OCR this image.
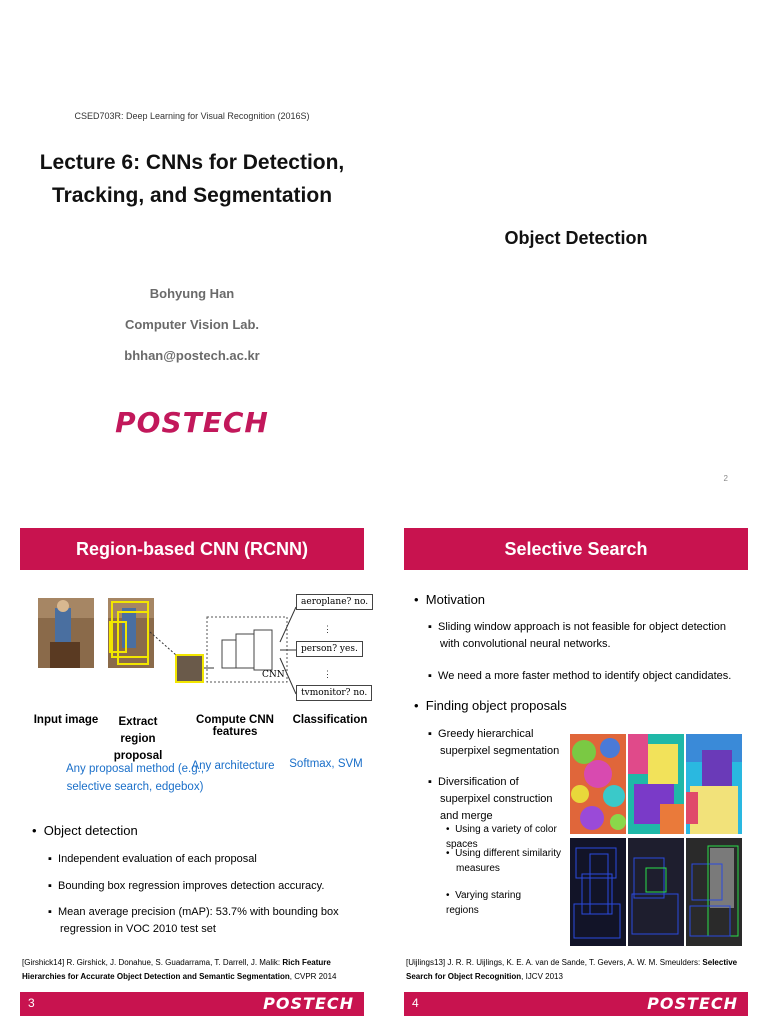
CSED703R: Deep Learning for Visual Recognition (2016S)
Lecture 6: CNNs for Detection,
Tracking, and Segmentation
Bohyung Han
Computer Vision Lab.
bhhan@postech.ac.kr
POSTECH
Object Detection
2
Region-based CNN (RCNN)
⋮
⋮
aeroplane? no.
person? yes.
tvmonitor? no.
CNN
Input image	Extract region proposal
Compute CNN features
Classification
Any proposal method (e.g., selective search, edgebox)
Any architecture	Softmax, SVM
•  Object detection
▪  Independent evaluation of each proposal
▪  Bounding box regression improves detection accuracy.
▪  Mean average precision (mAP): 53.7% with bounding box regression in VOC 2010 test set
[Girshick14] R. Girshick, J. Donahue, S. Guadarrama, T. Darrell, J. Malik: Rich Feature Hierarchies for Accurate Object Detection and Semantic Segmentation, CVPR 2014
3	POSTECH
Selective Search
•  Motivation
▪  Sliding window approach is not feasible for object detection with convolutional neural networks.
▪  We need a more faster method to identify object candidates.
•  Finding object proposals
▪  Greedy hierarchical superpixel segmentation
▪  Diversification of superpixel construction and merge
•  Using a variety of color spaces
•  Using different similarity measures
•  Varying staring regions
[Uijlings13] J. R. R. Uijlings, K. E. A. van de Sande, T. Gevers, A. W. M. Smeulders: Selective Search for Object Recognition, IJCV 2013
4	POSTECH
